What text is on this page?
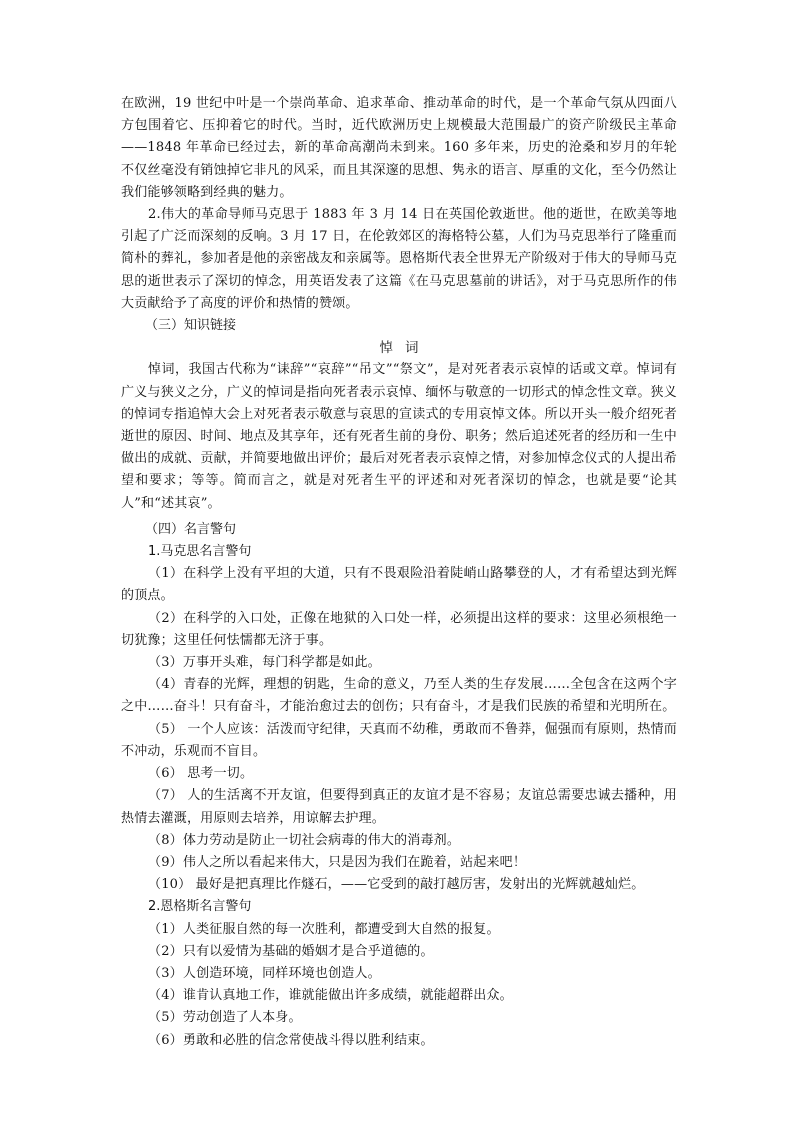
在欧洲，19 世纪中叶是一个崇尚革命、追求革命、推动革命的时代，是一个革命气氛从四面八方包围着它、压抑着它的时代。当时，近代欧洲历史上规模最大范围最广的资产阶级民主革命——1848 年革命已经过去，新的革命高潮尚未到来。160 多年来，历史的沧桑和岁月的年轮不仅丝毫没有销蚀掉它非凡的风采，而且其深邃的思想、隽永的语言、厚重的文化，至今仍然让我们能够领略到经典的魅力。

2.伟大的革命导师马克思于 1883 年 3 月 14 日在英国伦敦逝世。他的逝世，在欧美等地引起了广泛而深刻的反响。3 月 17 日，在伦敦郊区的海格特公墓，人们为马克思举行了隆重而简朴的葬礼，参加者是他的亲密战友和亲属等。恩格斯代表全世界无产阶级对于伟大的导师马克思的逝世表示了深切的悼念，用英语发表了这篇《在马克思墓前的讲话》，对于马克思所作的伟大贡献给予了高度的评价和热情的赞颂。

（三）知识链接
悼词

悼词，我国古代称为“诔辞”“哀辞”“吊文”“祭文”，是对死者表示哀悼的话或文章。悼词有广义与狭义之分，广义的悼词是指向死者表示哀悼、缅怀与敬意的一切形式的悼念性文章。狭义的悼词专指追悼大会上对死者表示敬意与哀思的宣读式的专用哀悼文体。所以开头一般介绍死者逝世的原因、时间、地点及其享年，还有死者生前的身份、职务；然后追述死者的经历和一生中做出的成就、贡献，并简要地做出评价；最后对死者表示哀悼之情，对参加悼念仪式的人提出希望和要求；等等。简而言之，就是对死者生平的评述和对死者深切的悼念，也就是要“论其人”和“述其哀”。

（四）名言警句
1.马克思名言警句

（1）在科学上没有平坦的大道，只有不畏艰险沿着陡峭山路攀登的人，才有希望达到光辉的顶点。

（2）在科学的入口处，正像在地狱的入口处一样，必须提出这样的要求：这里必须根绝一切犹豫；这里任何怯懦都无济于事。

（3）万事开头难，每门科学都是如此。

（4）青春的光辉，理想的钥匙，生命的意义，乃至人类的生存发展……全包含在这两个字之中……奋斗！只有奋斗，才能治愈过去的创伤；只有奋斗，才是我们民族的希望和光明所在。

（5） 一个人应该：活泼而守纪律，天真而不幼稚，勇敢而不鲁莽，倔强而有原则，热情而不冲动，乐观而不盲目。

（6） 思考一切。

（7） 人的生活离不开友谊，但要得到真正的友谊才是不容易；友谊总需要忠诚去播种，用热情去灌溉，用原则去培养，用谅解去护理。

（8）体力劳动是防止一切社会病毒的伟大的消毒剂。

（9）伟人之所以看起来伟大，只是因为我们在跪着，站起来吧！

（10） 最好是把真理比作燧石，——它受到的敲打越厉害，发射出的光辉就越灿烂。

2.恩格斯名言警句

（1）人类征服自然的每一次胜利，都遭受到大自然的报复。

（2）只有以爱情为基础的婚姻才是合乎道德的。

（3）人创造环境，同样环境也创造人。

（4）谁肯认真地工作，谁就能做出许多成绩，就能超群出众。

（5）劳动创造了人本身。

（6）勇敢和必胜的信念常使战斗得以胜利结束。
